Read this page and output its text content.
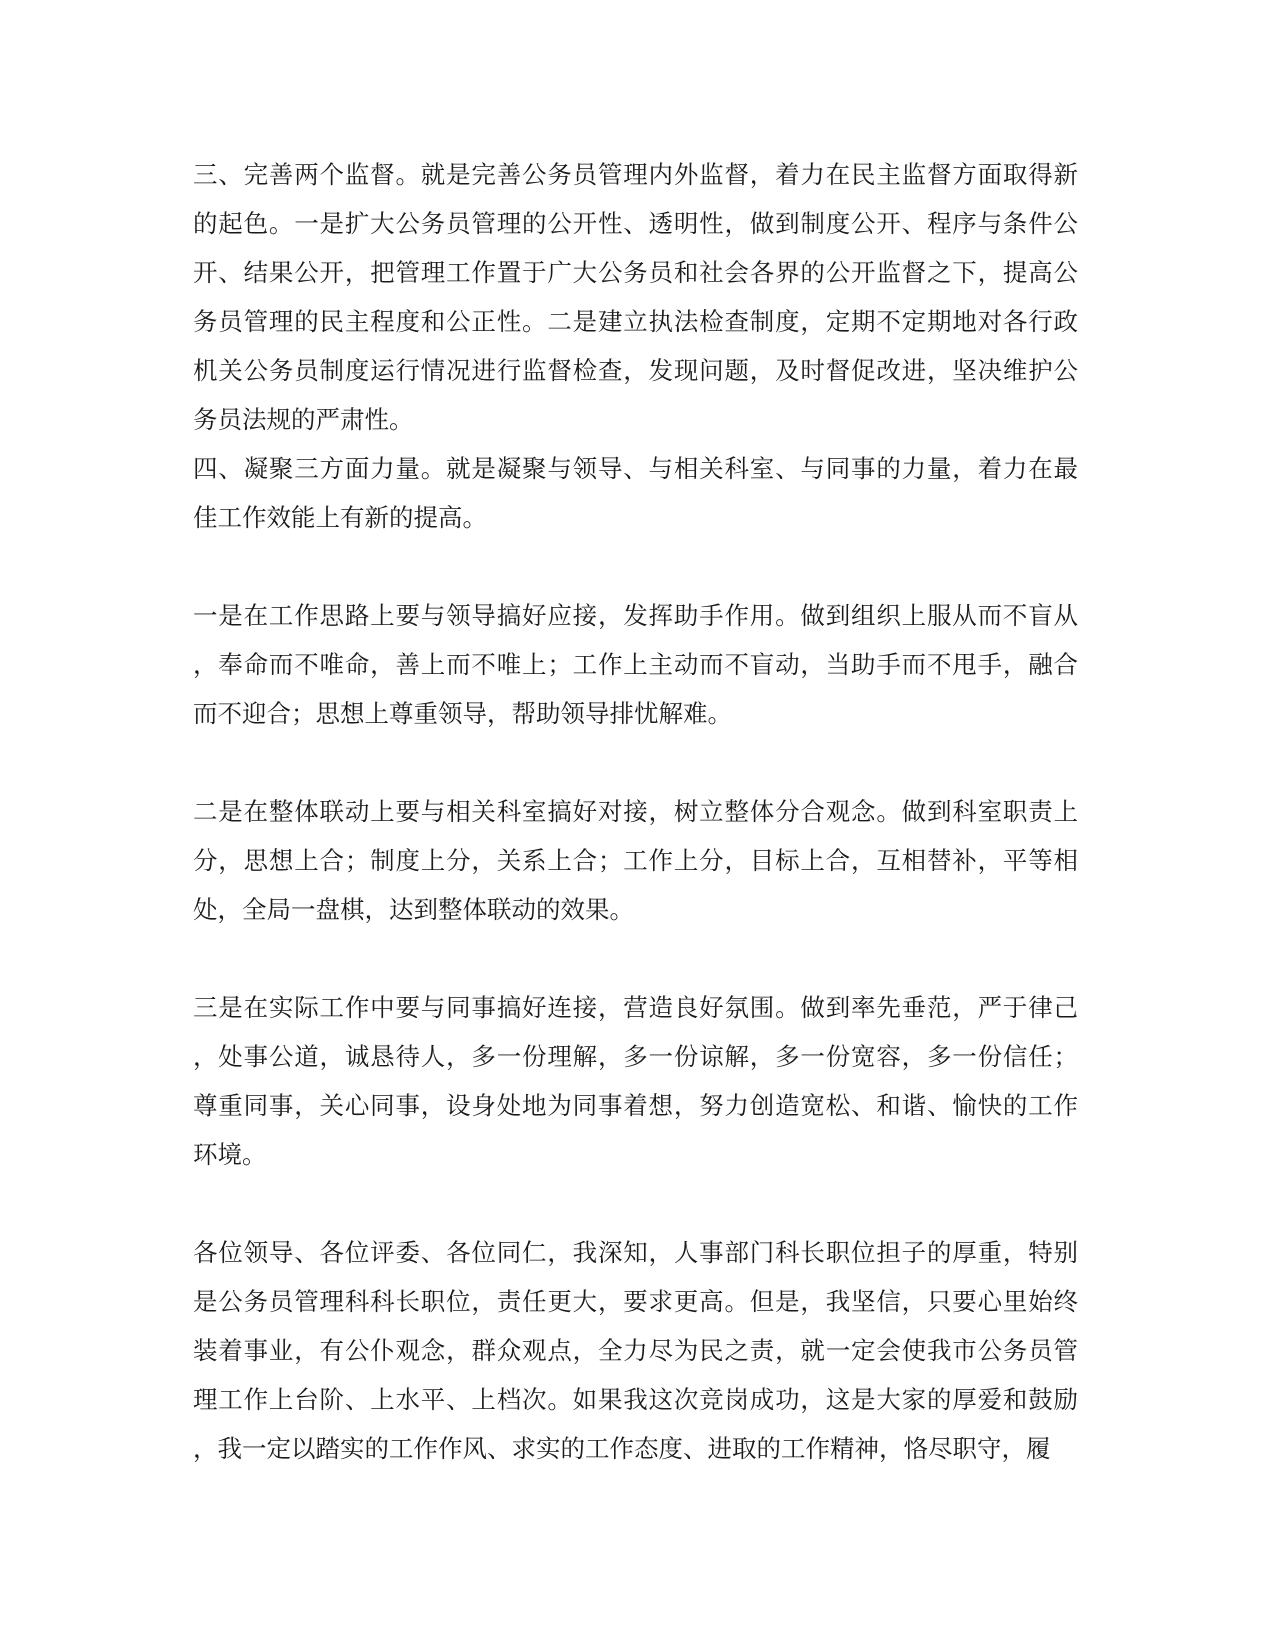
三、完善两个监督。就是完善公务员管理内外监督，着力在民主监督方面取得新
的起色。一是扩大公务员管理的公开性、透明性，做到制度公开、程序与条件公
开、结果公开，把管理工作置于广大公务员和社会各界的公开监督之下，提高公
务员管理的民主程度和公正性。二是建立执法检查制度，定期不定期地对各行政
机关公务员制度运行情况进行监督检查，发现问题，及时督促改进，坚决维护公
务员法规的严肃性。
四、凝聚三方面力量。就是凝聚与领导、与相关科室、与同事的力量，着力在最
佳工作效能上有新的提高。
一是在工作思路上要与领导搞好应接，发挥助手作用。做到组织上服从而不盲从
，奉命而不唯命，善上而不唯上；工作上主动而不盲动，当助手而不甩手，融合
而不迎合；思想上尊重领导，帮助领导排忧解难。
二是在整体联动上要与相关科室搞好对接，树立整体分合观念。做到科室职责上
分，思想上合；制度上分，关系上合；工作上分，目标上合，互相替补，平等相
处，全局一盘棋，达到整体联动的效果。
三是在实际工作中要与同事搞好连接，营造良好氛围。做到率先垂范，严于律己
，处事公道，诚恳待人，多一份理解，多一份谅解，多一份宽容，多一份信任；
尊重同事，关心同事，设身处地为同事着想，努力创造宽松、和谐、愉快的工作
环境。
各位领导、各位评委、各位同仁，我深知，人事部门科长职位担子的厚重，特别
是公务员管理科科长职位，责任更大，要求更高。但是，我坚信，只要心里始终
装着事业，有公仆观念，群众观点，全力尽为民之责，就一定会使我市公务员管
理工作上台阶、上水平、上档次。如果我这次竞岗成功，这是大家的厚爱和鼓励
，我一定以踏实的工作作风、求实的工作态度、进取的工作精神，恪尽职守，履
